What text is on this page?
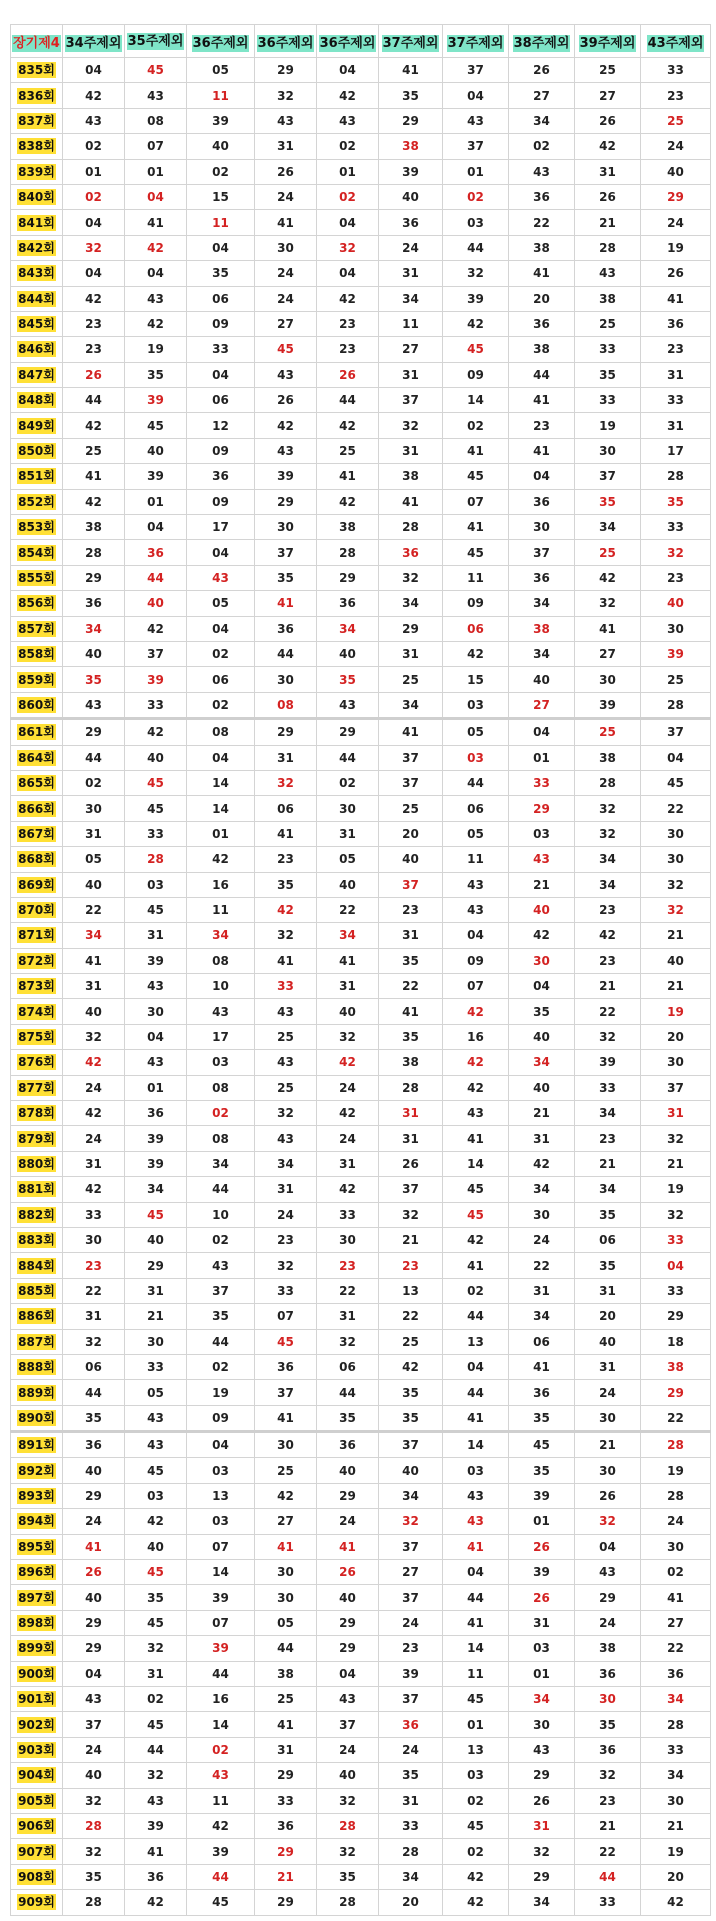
장기제4	34주제외	35주제외	36주제외	36주제외	36주제외	37주제외	37주제외	38주제외	39주제외	43주제외
835회	04	45	05	29	04	41	37	26	25	33
836회	42	43	11	32	42	35	04	27	27	23
837회	43	08	39	43	43	29	43	34	26	25
838회	02	07	40	31	02	38	37	02	42	24
839회	01	01	02	26	01	39	01	43	31	40
840회	02	04	15	24	02	40	02	36	26	29
841회	04	41	11	41	04	36	03	22	21	24
842회	32	42	04	30	32	24	44	38	28	19
843회	04	04	35	24	04	31	32	41	43	26
844회	42	43	06	24	42	34	39	20	38	41
845회	23	42	09	27	23	11	42	36	25	36
846회	23	19	33	45	23	27	45	38	33	23
847회	26	35	04	43	26	31	09	44	35	31
848회	44	39	06	26	44	37	14	41	33	33
849회	42	45	12	42	42	32	02	23	19	31
850회	25	40	09	43	25	31	41	41	30	17
851회	41	39	36	39	41	38	45	04	37	28
852회	42	01	09	29	42	41	07	36	35	35
853회	38	04	17	30	38	28	41	30	34	33
854회	28	36	04	37	28	36	45	37	25	32
855회	29	44	43	35	29	32	11	36	42	23
856회	36	40	05	41	36	34	09	34	32	40
857회	34	42	04	36	34	29	06	38	41	30
858회	40	37	02	44	40	31	42	34	27	39
859회	35	39	06	30	35	25	15	40	30	25
860회	43	33	02	08	43	34	03	27	39	28
861회	29	42	08	29	29	41	05	04	25	37
864회	44	40	04	31	44	37	03	01	38	04
865회	02	45	14	32	02	37	44	33	28	45
866회	30	45	14	06	30	25	06	29	32	22
867회	31	33	01	41	31	20	05	03	32	30
868회	05	28	42	23	05	40	11	43	34	30
869회	40	03	16	35	40	37	43	21	34	32
870회	22	45	11	42	22	23	43	40	23	32
871회	34	31	34	32	34	31	04	42	42	21
872회	41	39	08	41	41	35	09	30	23	40
873회	31	43	10	33	31	22	07	04	21	21
874회	40	30	43	43	40	41	42	35	22	19
875회	32	04	17	25	32	35	16	40	32	20
876회	42	43	03	43	42	38	42	34	39	30
877회	24	01	08	25	24	28	42	40	33	37
878회	42	36	02	32	42	31	43	21	34	31
879회	24	39	08	43	24	31	41	31	23	32
880회	31	39	34	34	31	26	14	42	21	21
881회	42	34	44	31	42	37	45	34	34	19
882회	33	45	10	24	33	32	45	30	35	32
883회	30	40	02	23	30	21	42	24	06	33
884회	23	29	43	32	23	23	41	22	35	04
885회	22	31	37	33	22	13	02	31	31	33
886회	31	21	35	07	31	22	44	34	20	29
887회	32	30	44	45	32	25	13	06	40	18
888회	06	33	02	36	06	42	04	41	31	38
889회	44	05	19	37	44	35	44	36	24	29
890회	35	43	09	41	35	35	41	35	30	22
891회	36	43	04	30	36	37	14	45	21	28
892회	40	45	03	25	40	40	03	35	30	19
893회	29	03	13	42	29	34	43	39	26	28
894회	24	42	03	27	24	32	43	01	32	24
895회	41	40	07	41	41	37	41	26	04	30
896회	26	45	14	30	26	27	04	39	43	02
897회	40	35	39	30	40	37	44	26	29	41
898회	29	45	07	05	29	24	41	31	24	27
899회	29	32	39	44	29	23	14	03	38	22
900회	04	31	44	38	04	39	11	01	36	36
901회	43	02	16	25	43	37	45	34	30	34
902회	37	45	14	41	37	36	01	30	35	28
903회	24	44	02	31	24	24	13	43	36	33
904회	40	32	43	29	40	35	03	29	32	34
905회	32	43	11	33	32	31	02	26	23	30
906회	28	39	42	36	28	33	45	31	21	21
907회	32	41	39	29	32	28	02	32	22	19
908회	35	36	44	21	35	34	42	29	44	20
909회	28	42	45	29	28	20	42	34	33	42
